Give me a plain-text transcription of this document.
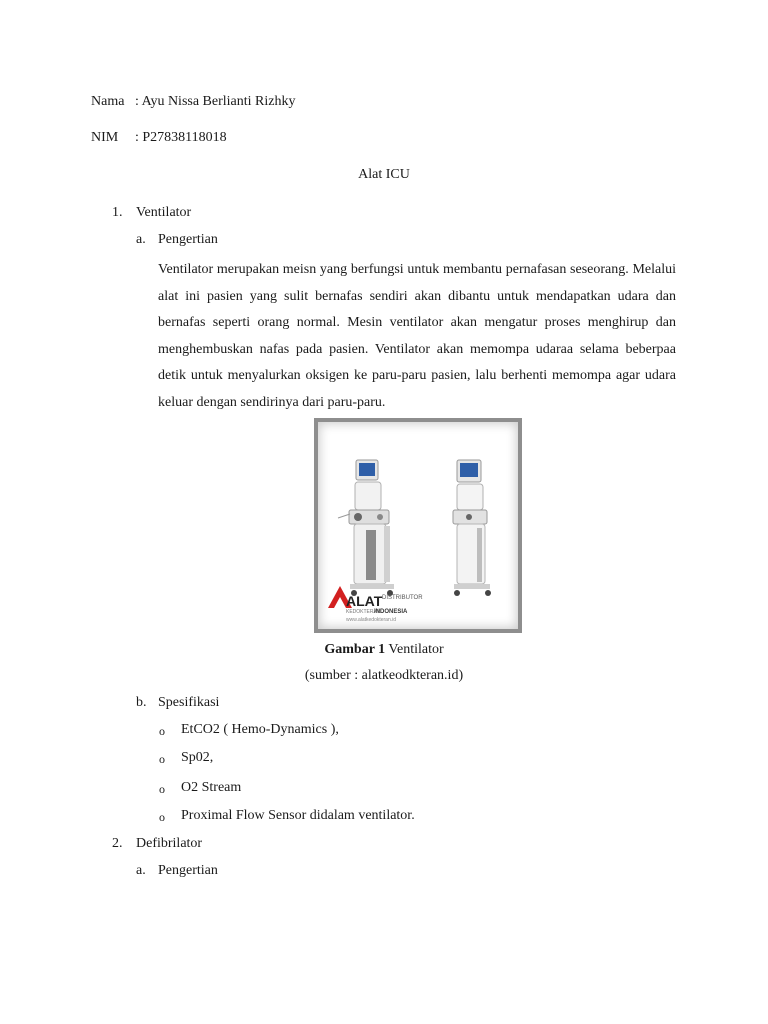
Nama : Ayu Nissa Berlianti Rizhky
NIM : P27838118018
Alat ICU
1. Ventilator
a. Pengertian
Ventilator merupakan meisn yang berfungsi untuk membantu pernafasan seseorang. Melalui alat ini pasien yang sulit bernafas sendiri akan dibantu untuk mendapatkan udara dan bernafas seperti orang normal. Mesin ventilator akan mengatur proses menghirup dan menghembuskan nafas pada pasien. Ventilator akan memompa udaraa selama beberpaa detik untuk menyalurkan oksigen ke paru-paru pasien, lalu berhenti memompa agar udara keluar dengan sendirinya dari paru-paru.
ALAT DISTRIBUTOR
INDONESIA
KEDOKTERAN
www.alatkedokteran.id
Gambar 1 Ventilator
(sumber : alatkeodkteran.id)
b. Spesifikasi
o EtCO2 ( Hemo-Dynamics ),
o Sp02,
o O2 Stream
o Proximal Flow Sensor didalam ventilator.
2. Defibrilator
a. Pengertian
